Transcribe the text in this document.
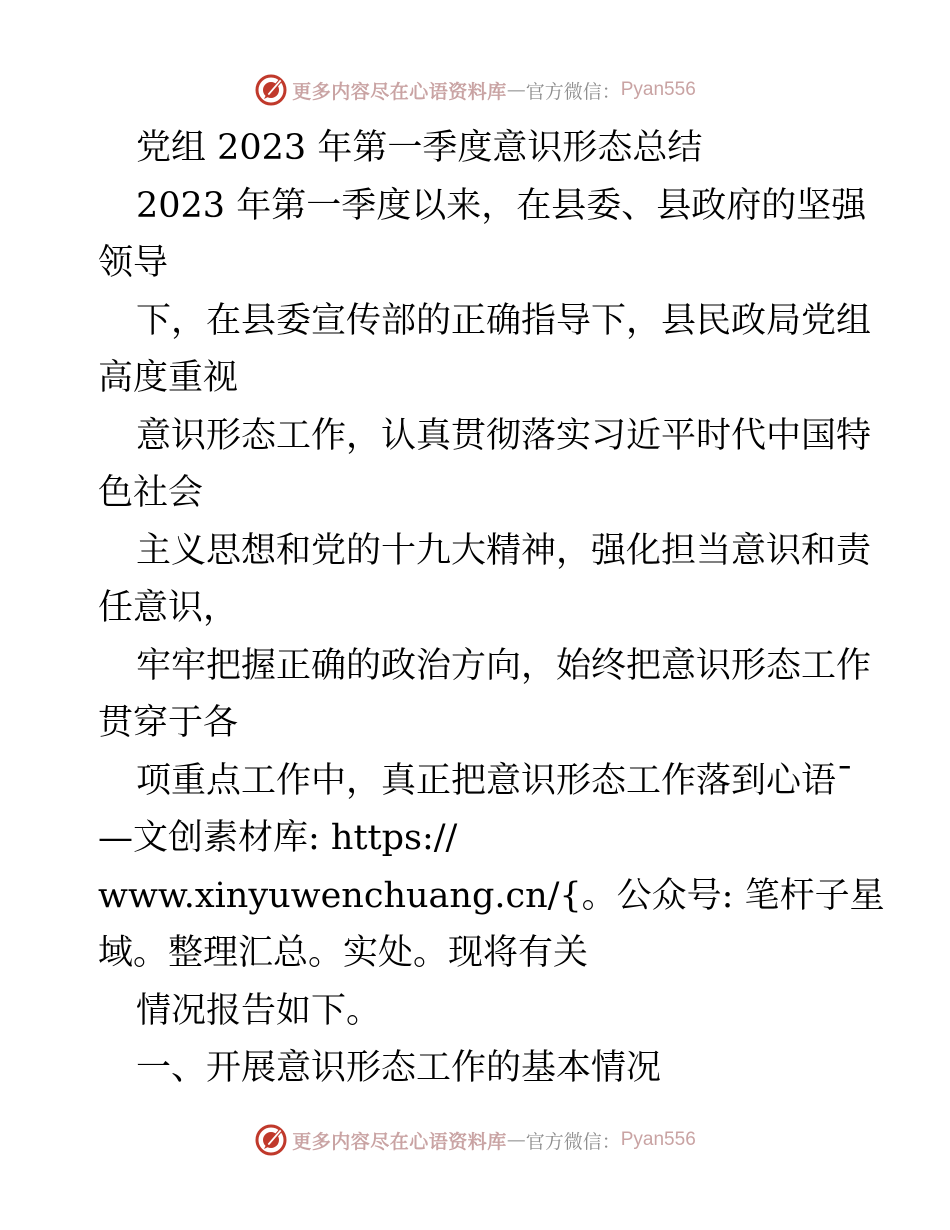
更多内容尽在心语资料库 — 官方微信： Pyan556
党组 2023 年第一季度意识形态总结
2023 年第一季度以来，在县委、县政府的坚强
领导
下，在县委宣传部的正确指导下，县民政局党组
高度重视
意识形态工作，认真贯彻落实习近平时代中国特
色社会
主义思想和党的十九大精神，强化担当意识和责
任意识，
牢牢把握正确的政治方向，始终把意识形态工作
贯穿于各
项重点工作中，真正把意识形态工作落到心语¯
—文创素材库: https://
www.xinyuwenchuang.cn/{。公众号: 笔杆子星
域。整理汇总。实处。现将有关
情况报告如下。
一、开展意识形态工作的基本情况
更多内容尽在心语资料库 — 官方微信： Pyan556
